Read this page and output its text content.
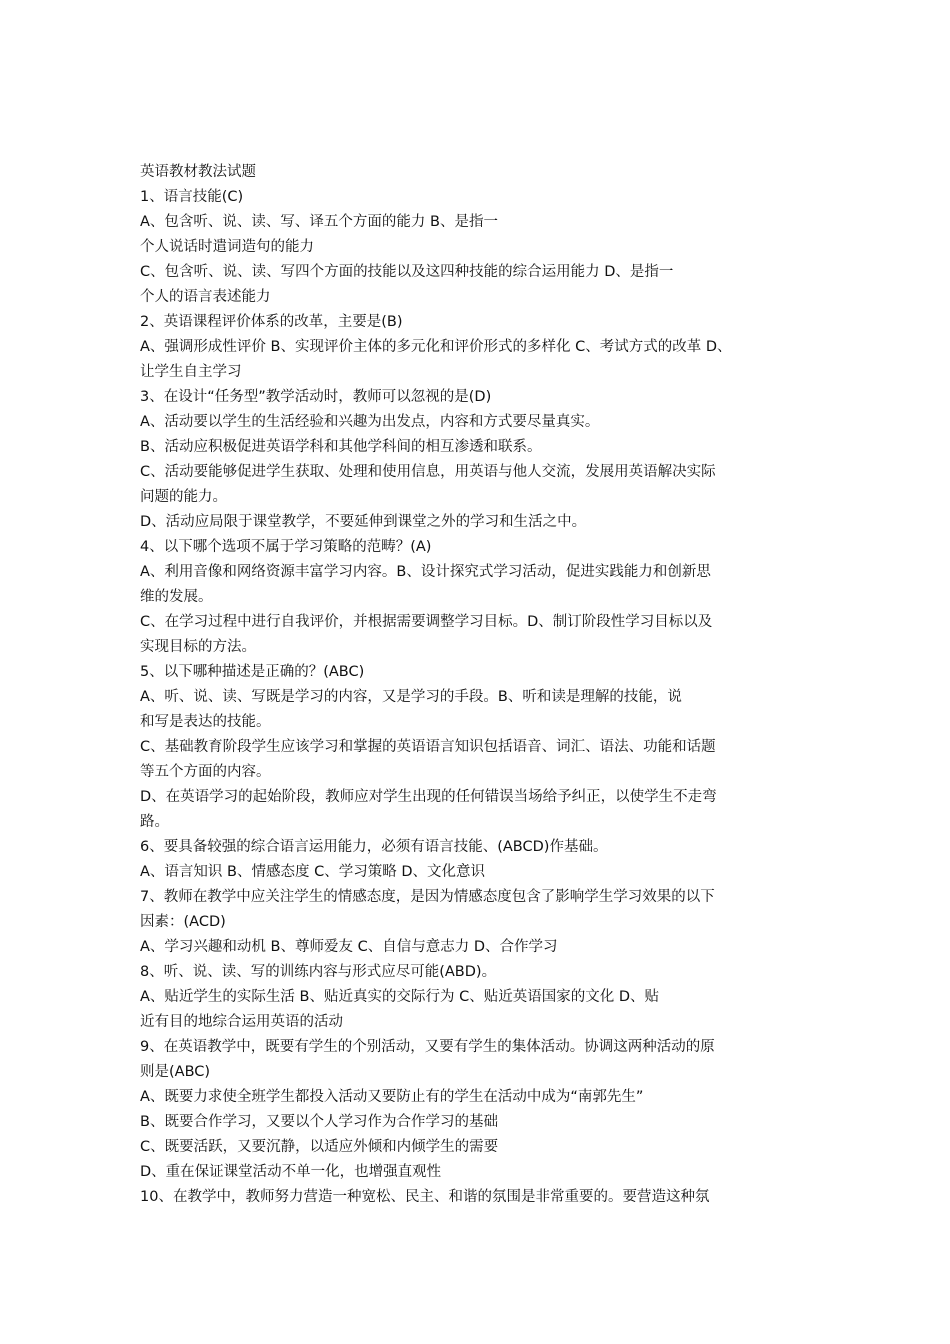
英语教材教法试题
1、语言技能(C)
A、包含听、说、读、写、译五个方面的能力 B、是指一
个人说话时遣词造句的能力
C、包含听、说、读、写四个方面的技能以及这四种技能的综合运用能力 D、是指一
个人的语言表述能力
2、英语课程评价体系的改革，主要是(B)
A、强调形成性评价 B、实现评价主体的多元化和评价形式的多样化 C、考试方式的改革 D、
让学生自主学习
3、在设计“任务型”教学活动时，教师可以忽视的是(D)
A、活动要以学生的生活经验和兴趣为出发点，内容和方式要尽量真实。
B、活动应积极促进英语学科和其他学科间的相互渗透和联系。
C、活动要能够促进学生获取、处理和使用信息，用英语与他人交流，发展用英语解决实际
问题的能力。
D、活动应局限于课堂教学，不要延伸到课堂之外的学习和生活之中。
4、以下哪个选项不属于学习策略的范畴？(A)
A、利用音像和网络资源丰富学习内容。B、设计探究式学习活动，促进实践能力和创新思
维的发展。
C、在学习过程中进行自我评价，并根据需要调整学习目标。D、制订阶段性学习目标以及
实现目标的方法。
5、以下哪种描述是正确的？(ABC)
A、听、说、读、写既是学习的内容，又是学习的手段。B、听和读是理解的技能，说
和写是表达的技能。
C、基础教育阶段学生应该学习和掌握的英语语言知识包括语音、词汇、语法、功能和话题
等五个方面的内容。
D、在英语学习的起始阶段，教师应对学生出现的任何错误当场给予纠正，以使学生不走弯
路。
6、要具备较强的综合语言运用能力，必须有语言技能、(ABCD)作基础。
A、语言知识 B、情感态度 C、学习策略 D、文化意识
7、教师在教学中应关注学生的情感态度，是因为情感态度包含了影响学生学习效果的以下
因素：(ACD)
A、学习兴趣和动机 B、尊师爱友 C、自信与意志力 D、合作学习
8、听、说、读、写的训练内容与形式应尽可能(ABD)。
A、贴近学生的实际生活 B、贴近真实的交际行为 C、贴近英语国家的文化 D、贴
近有目的地综合运用英语的活动
9、在英语教学中，既要有学生的个别活动，又要有学生的集体活动。协调这两种活动的原
则是(ABC)
A、既要力求使全班学生都投入活动又要防止有的学生在活动中成为“南郭先生”
B、既要合作学习，又要以个人学习作为合作学习的基础
C、既要活跃，又要沉静，以适应外倾和内倾学生的需要
D、重在保证课堂活动不单一化，也增强直观性
10、在教学中，教师努力营造一种宽松、民主、和谐的氛围是非常重要的。要营造这种氛
